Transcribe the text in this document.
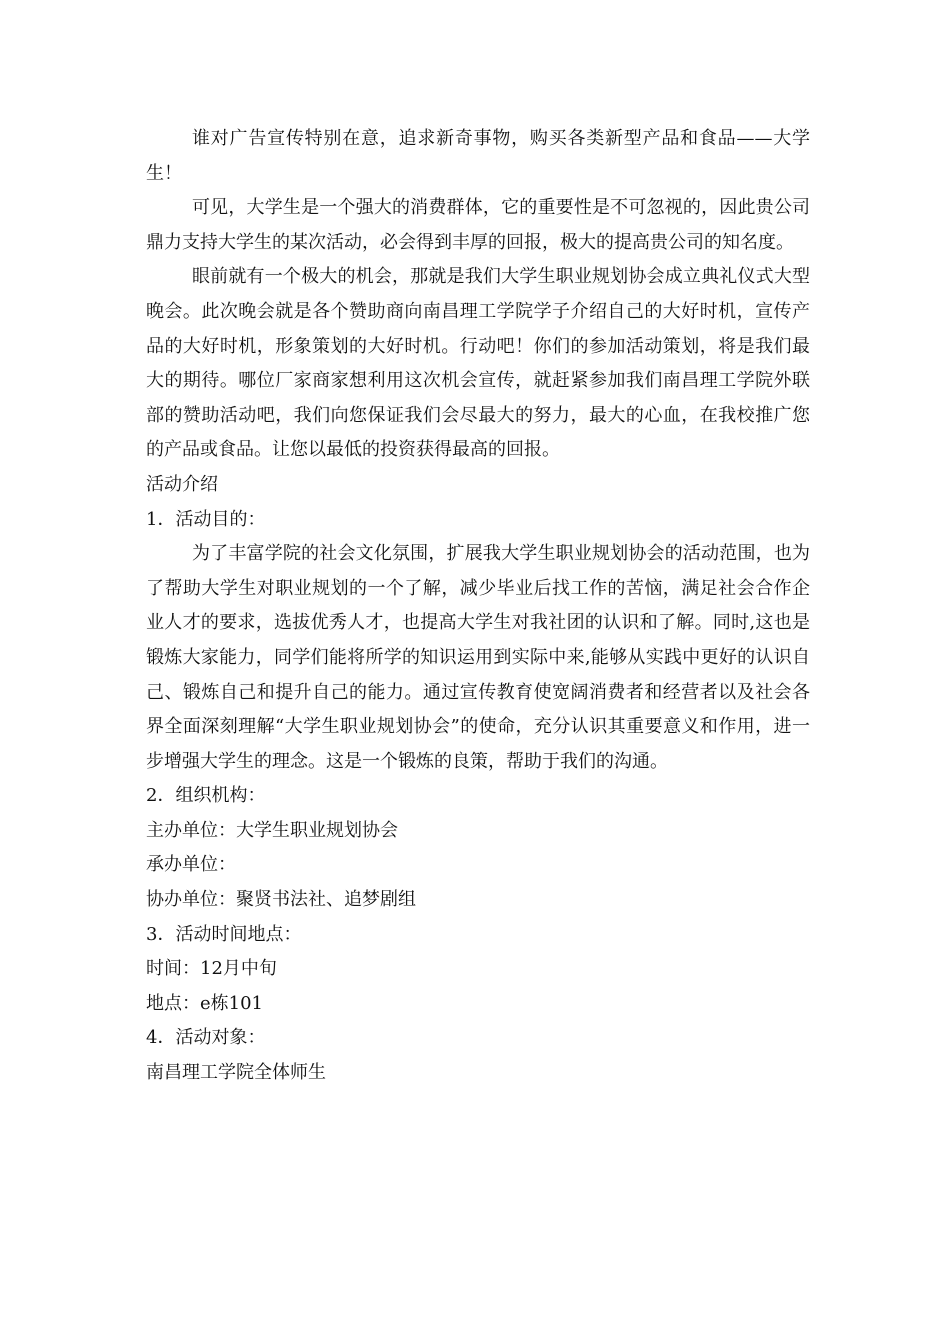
谁对广告宣传特别在意，追求新奇事物，购买各类新型产品和食品——大学生！

可见，大学生是一个强大的消费群体，它的重要性是不可忽视的，因此贵公司鼎力支持大学生的某次活动，必会得到丰厚的回报，极大的提高贵公司的知名度。

眼前就有一个极大的机会，那就是我们大学生职业规划协会成立典礼仪式大型晚会。此次晚会就是各个赞助商向南昌理工学院学子介绍自己的大好时机，宣传产品的大好时机，形象策划的大好时机。行动吧！你们的参加活动策划，将是我们最大的期待。哪位厂家商家想利用这次机会宣传，就赶紧参加我们南昌理工学院外联部的赞助活动吧，我们向您保证我们会尽最大的努力，最大的心血，在我校推广您的产品或食品。让您以最低的投资获得最高的回报。

活动介绍

1．活动目的：

为了丰富学院的社会文化氛围，扩展我大学生职业规划协会的活动范围，也为了帮助大学生对职业规划的一个了解，减少毕业后找工作的苦恼，满足社会合作企业人才的要求，选拔优秀人才，也提高大学生对我社团的认识和了解。同时,这也是锻炼大家能力，同学们能将所学的知识运用到实际中来,能够从实践中更好的认识自己、锻炼自己和提升自己的能力。通过宣传教育使宽阔消费者和经营者以及社会各界全面深刻理解“大学生职业规划协会”的使命，充分认识其重要意义和作用，进一步增强大学生的理念。这是一个锻炼的良策，帮助于我们的沟通。

2．组织机构：

主办单位：大学生职业规划协会

承办单位：

协办单位：聚贤书法社、追梦剧组

3．活动时间地点：

时间：12月中旬

地点：e栋101

4．活动对象：

南昌理工学院全体师生
